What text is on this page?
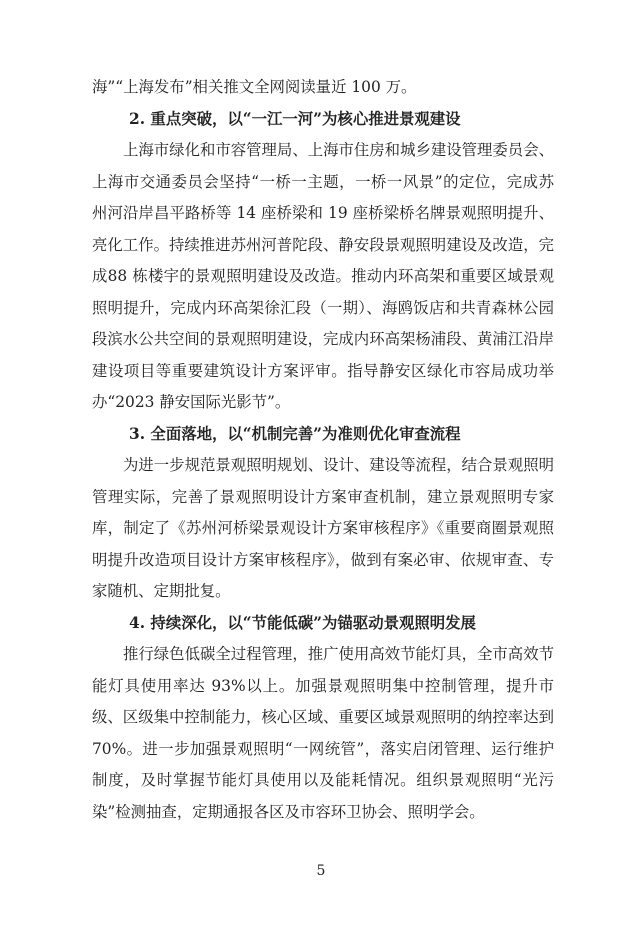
海”“上海发布”相关推文全网阅读量近 100 万。

2. 重点突破，以“一江一河”为核心推进景观建设

上海市绿化和市容管理局、上海市住房和城乡建设管理委员会、上海市交通委员会坚持“一桥一主题，一桥一风景”的定位，完成苏州河沿岸昌平路桥等 14 座桥梁和 19 座桥梁桥名牌景观照明提升、亮化工作。持续推进苏州河普陀段、静安段景观照明建设及改造，完成88 栋楼宇的景观照明建设及改造。推动内环高架和重要区域景观照明提升，完成内环高架徐汇段（一期）、海鸥饭店和共青森林公园段滨水公共空间的景观照明建设，完成内环高架杨浦段、黄浦江沿岸建设项目等重要建筑设计方案评审。指导静安区绿化市容局成功举办“2023 静安国际光影节”。

3. 全面落地，以“机制完善”为准则优化审查流程

为进一步规范景观照明规划、设计、建设等流程，结合景观照明管理实际，完善了景观照明设计方案审查机制，建立景观照明专家库，制定了《苏州河桥梁景观设计方案审核程序》《重要商圈景观照明提升改造项目设计方案审核程序》，做到有案必审、依规审查、专家随机、定期批复。

4. 持续深化，以“节能低碳”为锚驱动景观照明发展

推行绿色低碳全过程管理，推广使用高效节能灯具，全市高效节能灯具使用率达 93%以上。加强景观照明集中控制管理，提升市级、区级集中控制能力，核心区域、重要区域景观照明的纳控率达到 70%。进一步加强景观照明“一网统管”，落实启闭管理、运行维护制度，及时掌握节能灯具使用以及能耗情况。组织景观照明“光污染”检测抽查，定期通报各区及市容环卫协会、照明学会。

5
